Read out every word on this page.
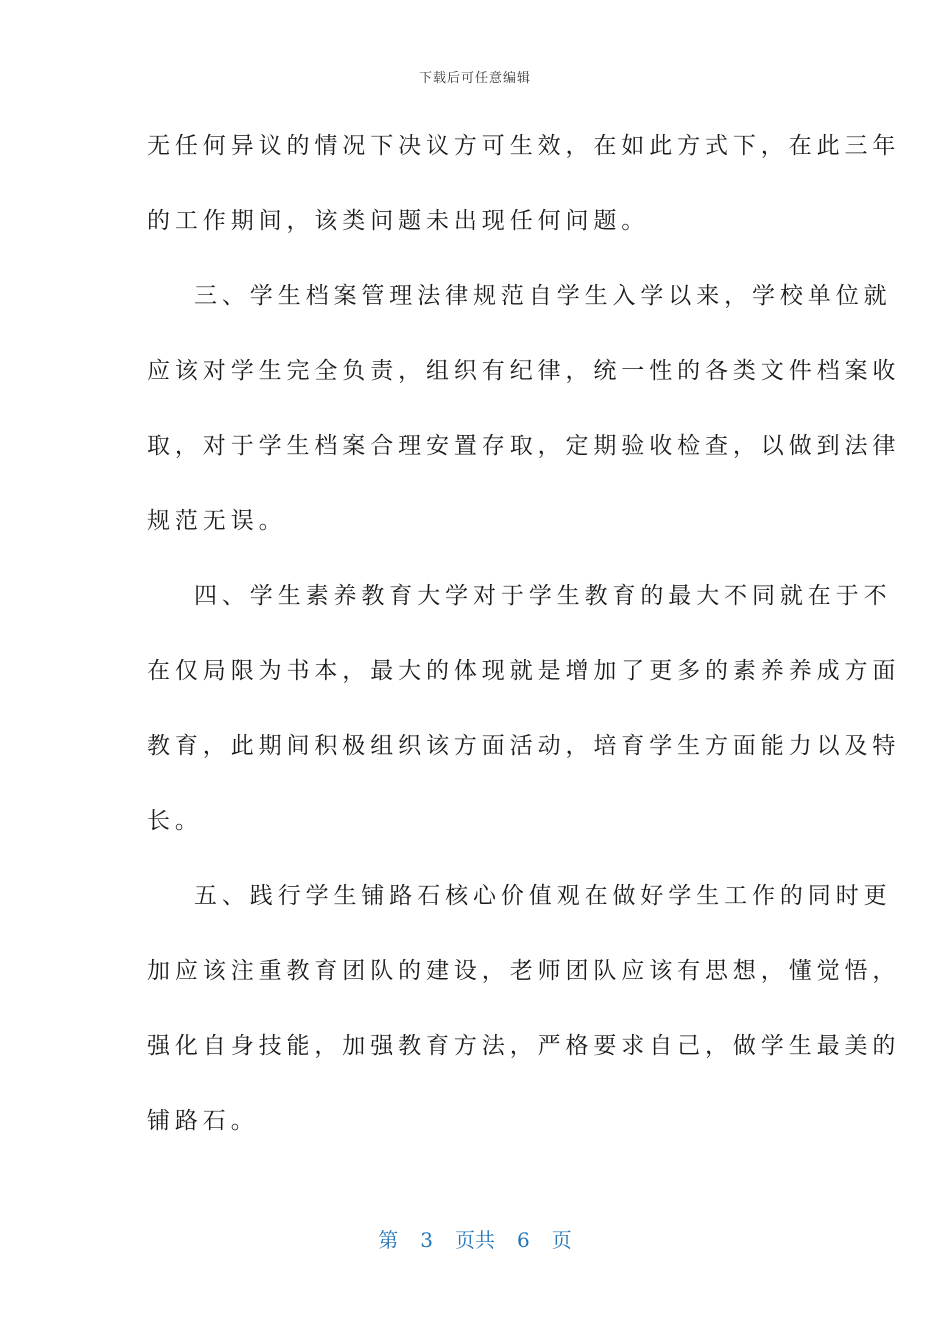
下载后可任意编辑
无任何异议的情况下决议方可生效，在如此方式下，在此三年
的工作期间，该类问题未出现任何问题。
三、学生档案管理法律规范自学生入学以来，学校单位就
应该对学生完全负责，组织有纪律，统一性的各类文件档案收
取，对于学生档案合理安置存取，定期验收检查，以做到法律
规范无误。
四、学生素养教育大学对于学生教育的最大不同就在于不
在仅局限为书本，最大的体现就是增加了更多的素养养成方面
教育，此期间积极组织该方面活动，培育学生方面能力以及特
长。
五、践行学生铺路石核心价值观在做好学生工作的同时更
加应该注重教育团队的建设，老师团队应该有思想，懂觉悟，
强化自身技能，加强教育方法，严格要求自己，做学生最美的
铺路石。
第 3 页共 6 页
